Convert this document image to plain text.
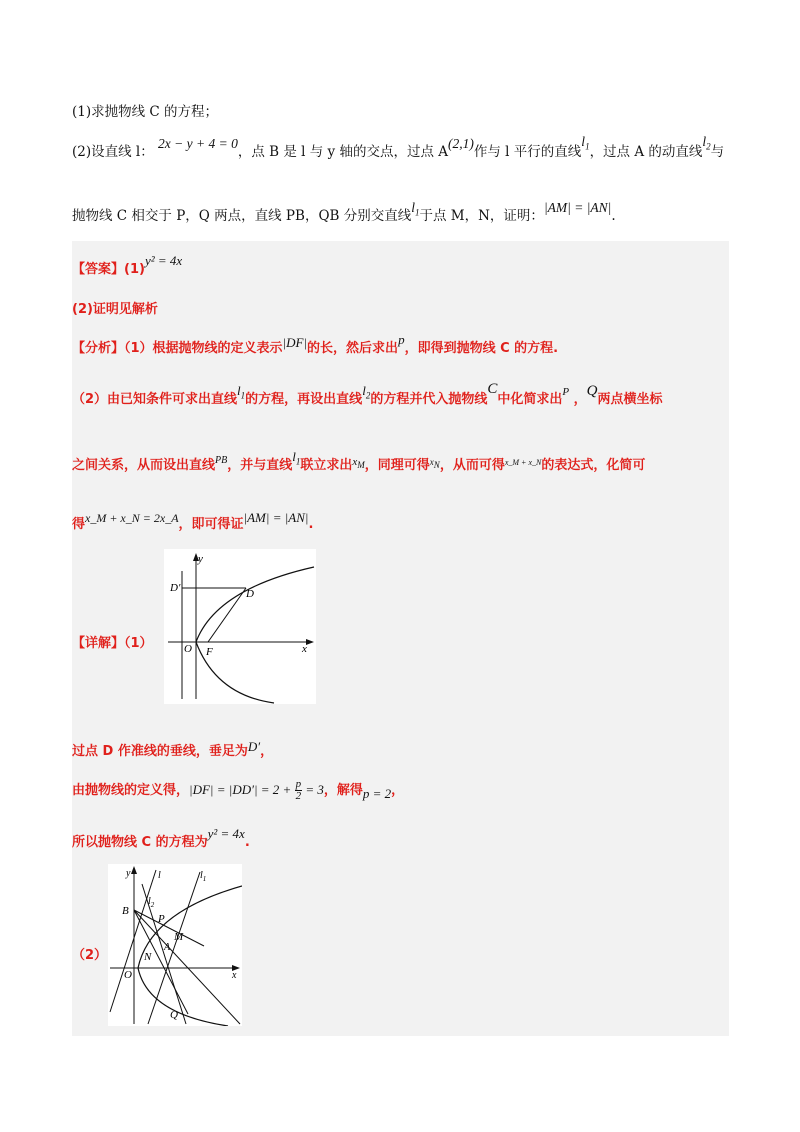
(1)求抛物线 C 的方程；
(2)设直线 l： 2x − y + 4 = 0，点 B 是 l 与 y 轴的交点，过点 A(2,1)作与 l 平行的直线$l_1$，过点 A 的动直线$l_2$与
抛物线 C 相交于 P，Q 两点，直线 PB，QB 分别交直线$l_1$于点 M，N，证明：|AM| = |AN|.
【答案】(1)y² = 4x
(2)证明见解析
【分析】（1）根据抛物线的定义表示|DF|的长，然后求出p，即得到抛物线 C 的方程.
（2）由已知条件可求出直线$l_1$的方程，再设出直线$l_2$的方程并代入抛物线C中化简求出$^P$ ，Q两点横坐标
之间关系，从而设出直线$^{PB}$，并与直线$l_1$联立求出$^{x_M}$，同理可得$^{xN}$，从而可得$^{x\_M + x\_N}$的表达式，化简可
得x_M + x_N = 2x_A，即可得证|AM| = |AN|.
【详解】（1）
y
x
O F
D
D′
过点 D 作准线的垂线，垂足为D′，
由抛物线的定义得，$|DF| = |DD'| = 2 + \frac{p}{2} = 3$，解得p = 2，
所以抛物线 C 的方程为y² = 4x.
（2）
y
x
O
l	$l_1$
$l_2$
B
P
M
A
N
Q
